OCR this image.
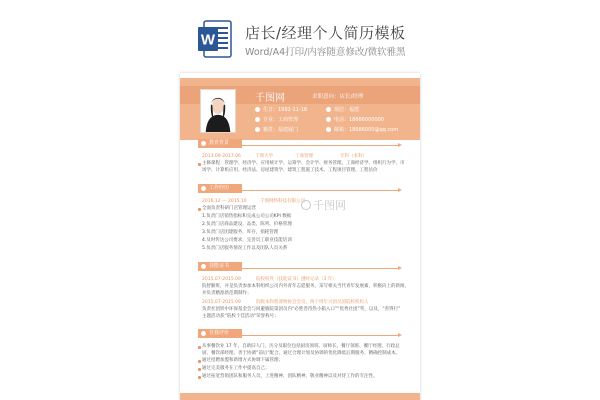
W 店长/经理个人简历模板
Word/A4打印/内容随意修改/微软雅黑
千图网	求职意向：店长/经理
生日：1992-11-18	现居：福建
专业：工商管理	电话：18686000000
籍贯：福建厦门	邮箱：18686000@qq.com
教育背景
2013.09-2017.06	千图大学	工商管理	专科（本科）
主修课程：管理学、经济学、应用统计学、运筹学、会计学、财务管理、工商经济学、组织行为学、市
场学、计算机应用、经济法、房屋建筑学、建筑工程施工技术、工程项目管理、工程估价
工作经历
2016.12 — 2015.10	千图网络科技有限公司
全面负责科研门店管理运营
1.负责门店销售指标和完成公司公司KPI 数据
2.负责门店商品建设，品类、陈列、价格管理
3.负责门店团建服务，库存，损耗管理
4.及时传达公司要求，完善员工职业技能培训
5.负责门店服务情况工作以及团队人员关系
技能证书
2015.07-2015.09	院校校外（技能证书）遵时记录（3 年）
院智勤班，并是负责参加本科组织公司内外青年志愿服务，采写相关当代青年发展素，积极向上的新闻，
并负责精准新范期制作；
2015.07-2015.09	院级本科程课物协会会员，两个周年兴团员国院校机构人
负责社团铁中环保基金会与回避敏院第团员内“必胜善待热小箱入口”“优秀社团”奖，以及，“善得行”
主题活动获“院校十佳活动”荣誉称号；
自我评价
从事餐饮业 17 年，自助旧人门，历分及职位包括厨房领班、厨师长、餐厅领班、餐厅经理、行政总
厨、餐饮部经理，善于协调“前后”配合，通过合理计划及协调的优化降低后期服务、精确控制成本。
通过招聘加盟和新增方式协调下属管理；
通过完美服务在工作中提高自己；
通过拓宽营销团队和服务人员，上进精神、团队精神，敬业精神以及对待工作的专注性。
千图网
